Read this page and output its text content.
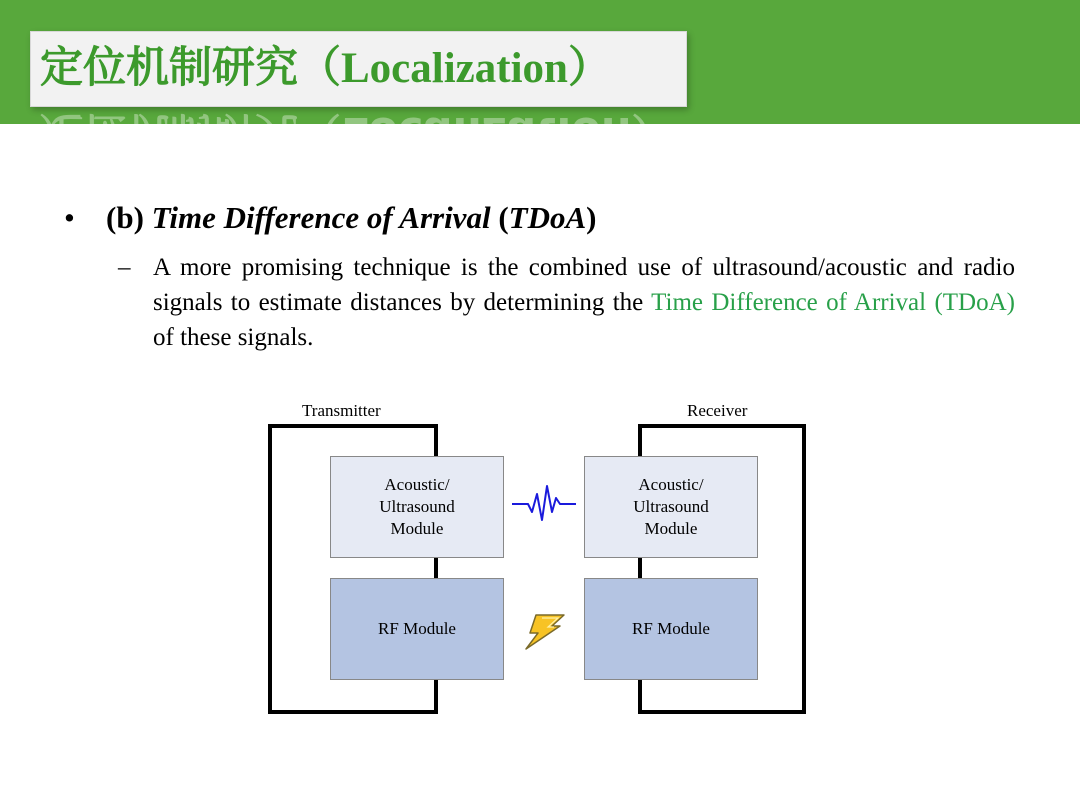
定位机制研究（Localization）
定位机制研究（Localization）
• (b) Time Difference of Arrival (TDoA)
– A more promising technique is the combined use of ultrasound/acoustic and radio signals to estimate distances by determining the Time Difference of Arrival (TDoA) of these signals.
Transmitter	Receiver
Acoustic/
Ultrasound
Module
Acoustic/
Ultrasound
Module
RF Module	RF Module
